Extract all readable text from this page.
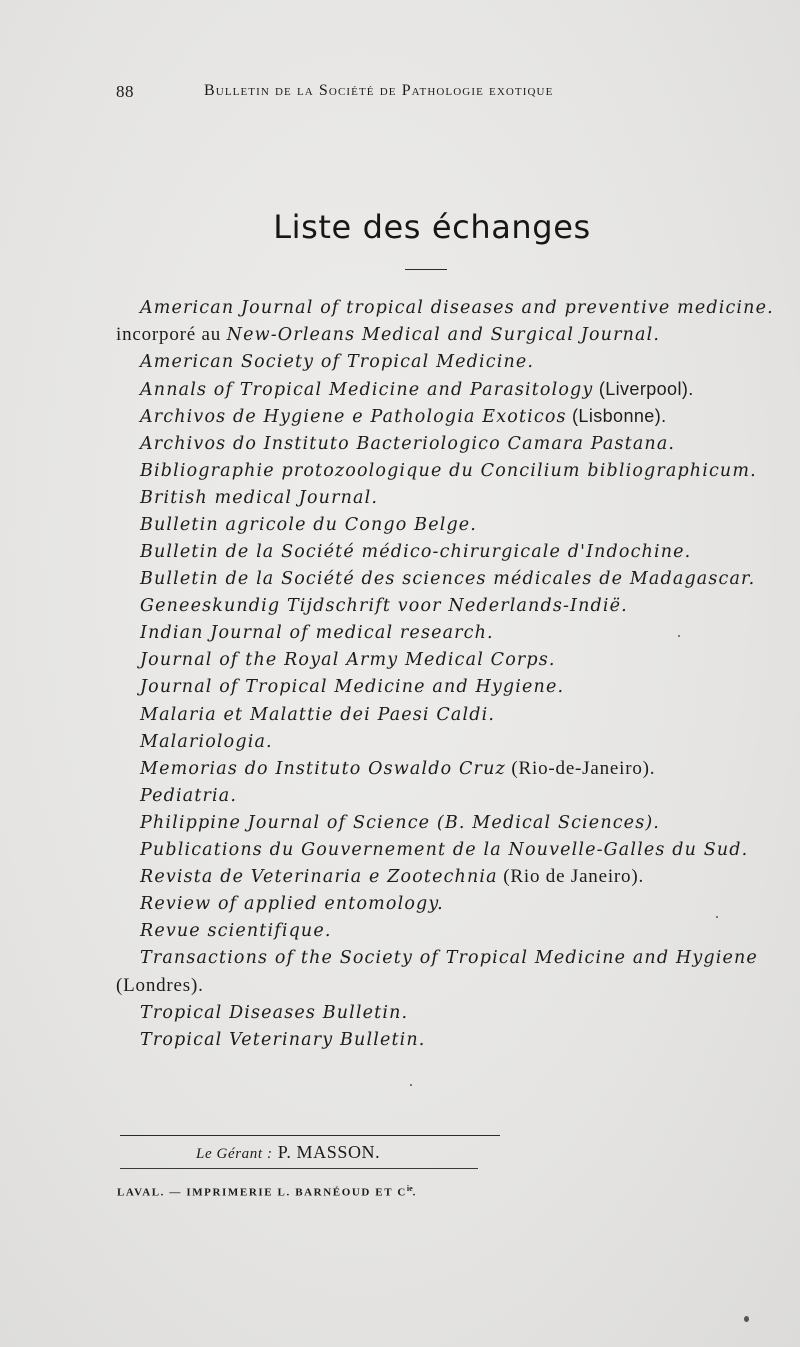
88	Bulletin de la Société de Pathologie exotique
Liste des échanges
American Journal of tropical diseases and preventive medicine.
incorporé au New-Orleans Medical and Surgical Journal.
American Society of Tropical Medicine.
Annals of Tropical Medicine and Parasitology (Liverpool).
Archivos de Hygiene e Pathologia Exoticos (Lisbonne).
Archivos do Instituto Bacteriologico Camara Pastana.
Bibliographie protozoologique du Concilium bibliographicum.
British medical Journal.
Bulletin agricole du Congo Belge.
Bulletin de la Société médico-chirurgicale d'Indochine.
Bulletin de la Société des sciences médicales de Madagascar.
Geneeskundig Tijdschrift voor Nederlands-Indië.
Indian Journal of medical research.
Journal of the Royal Army Medical Corps.
Journal of Tropical Medicine and Hygiene.
Malaria et Malattie dei Paesi Caldi.
Malariologia.
Memorias do Instituto Oswaldo Cruz (Rio-de-Janeiro).
Pediatria.
Philippine Journal of Science (B. Medical Sciences).
Publications du Gouvernement de la Nouvelle-Galles du Sud.
Revista de Veterinaria e Zootechnia (Rio de Janeiro).
Review of applied entomology.
Revue scientifique.
Transactions of the Society of Tropical Medicine and Hygiene
(Londres).
Tropical Diseases Bulletin.
Tropical Veterinary Bulletin.
Le Gérant : P. MASSON.
LAVAL. — IMPRIMERIE L. BARNÉOUD ET $C^{ie}$.
